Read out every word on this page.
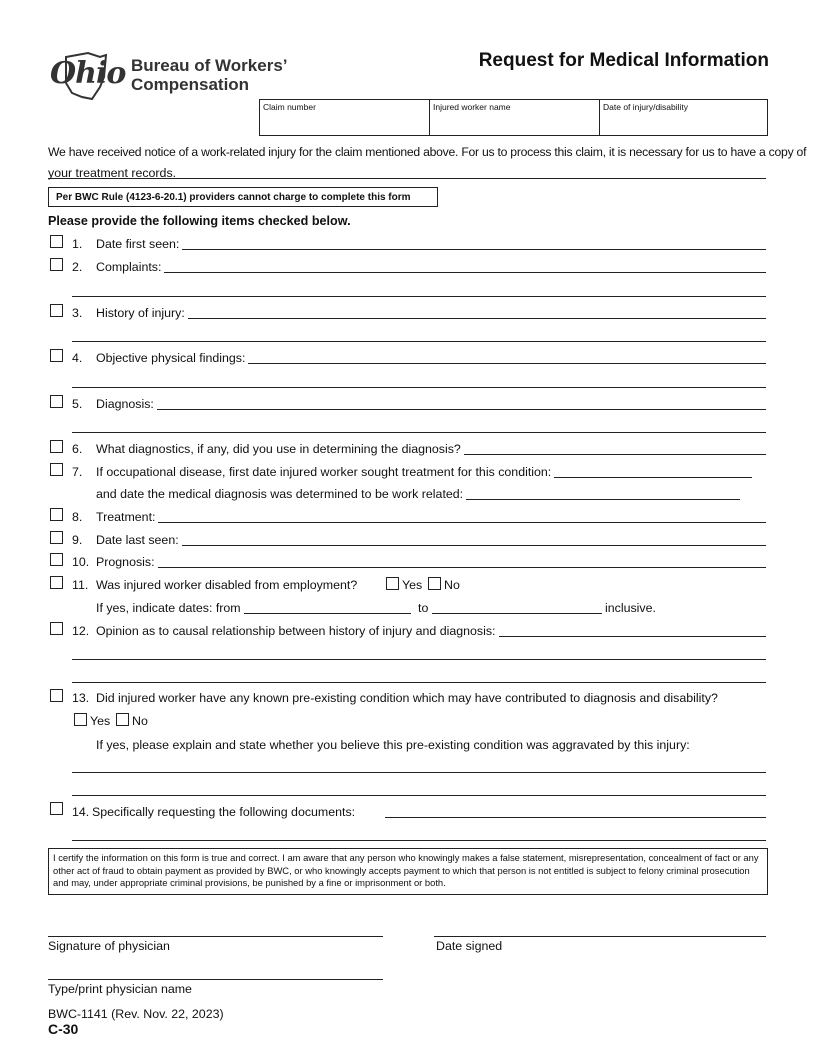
Ohio Bureau of Workers’
Compensation
Request for Medical Information
Claim number	Injured worker name	Date of injury/disability
We have received notice of a work-related injury for the claim mentioned above. For us to process this claim, it is necessary for us to have a copy of
your treatment records.
Per BWC Rule (4123-6-20.1) providers cannot charge to complete this form
Please provide the following items checked below.
1. Date first seen:
2. Complaints:
3. History of injury:
4. Objective physical findings:
5. Diagnosis:
6. What diagnostics, if any, did you use in determining the diagnosis?
7. If occupational disease, first date injured worker sought treatment for this condition:
and date the medical diagnosis was determined to be work related:
8. Treatment:
9. Date last seen:
10. Prognosis:
11. Was injured worker disabled from employment?	Yes	No
If yes, indicate dates: from	to	inclusive.
12. Opinion as to causal relationship between history of injury and diagnosis:
13. Did injured worker have any known pre-existing condition which may have contributed to diagnosis and disability?
Yes	No
If yes, please explain and state whether you believe this pre-existing condition was aggravated by this injury:
14. Specifically requesting the following documents:
I certify the information on this form is true and correct. I am aware that any person who knowingly makes a false statement, misrepresentation, concealment of fact or any other act of fraud to obtain payment as provided by BWC, or who knowingly accepts payment to which that person is not entitled is subject to felony criminal prosecution and may, under appropriate criminal provisions, be punished by a fine or imprisonment or both.
Signature of physician	Date signed
Type/print physician name
BWC-1141 (Rev. Nov. 22, 2023)
C-30
